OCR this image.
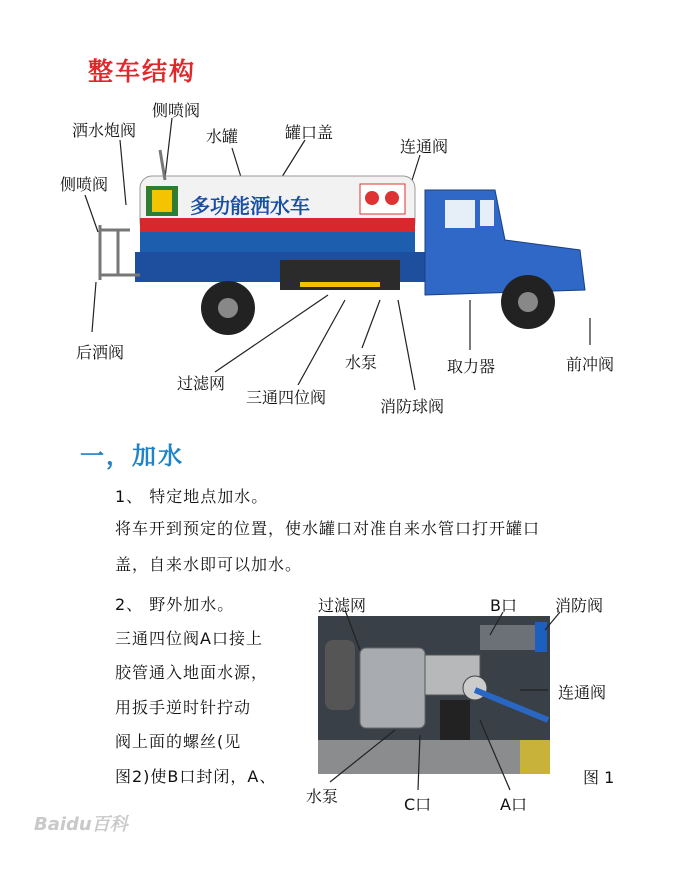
整车结构
多功能洒水车
洒水炮阀
侧喷阀
水罐	罐口盖
连通阀
侧喷阀
后洒阀
过滤网
三通四位阀
水泵
消防球阀
取力器	前冲阀
一，加水
1、 特定地点加水。
将车开到预定的位置，使水罐口对准自来水管口打开罐口
盖，自来水即可以加水。
2、 野外加水。
三通四位阀A口接上
胶管通入地面水源，
用扳手逆时针拧动
阀上面的螺丝(见
图2)使B口封闭，A、
过滤网	B口 消防阀
连通阀
水泵	C口	A口
图 1
Baidu百科
